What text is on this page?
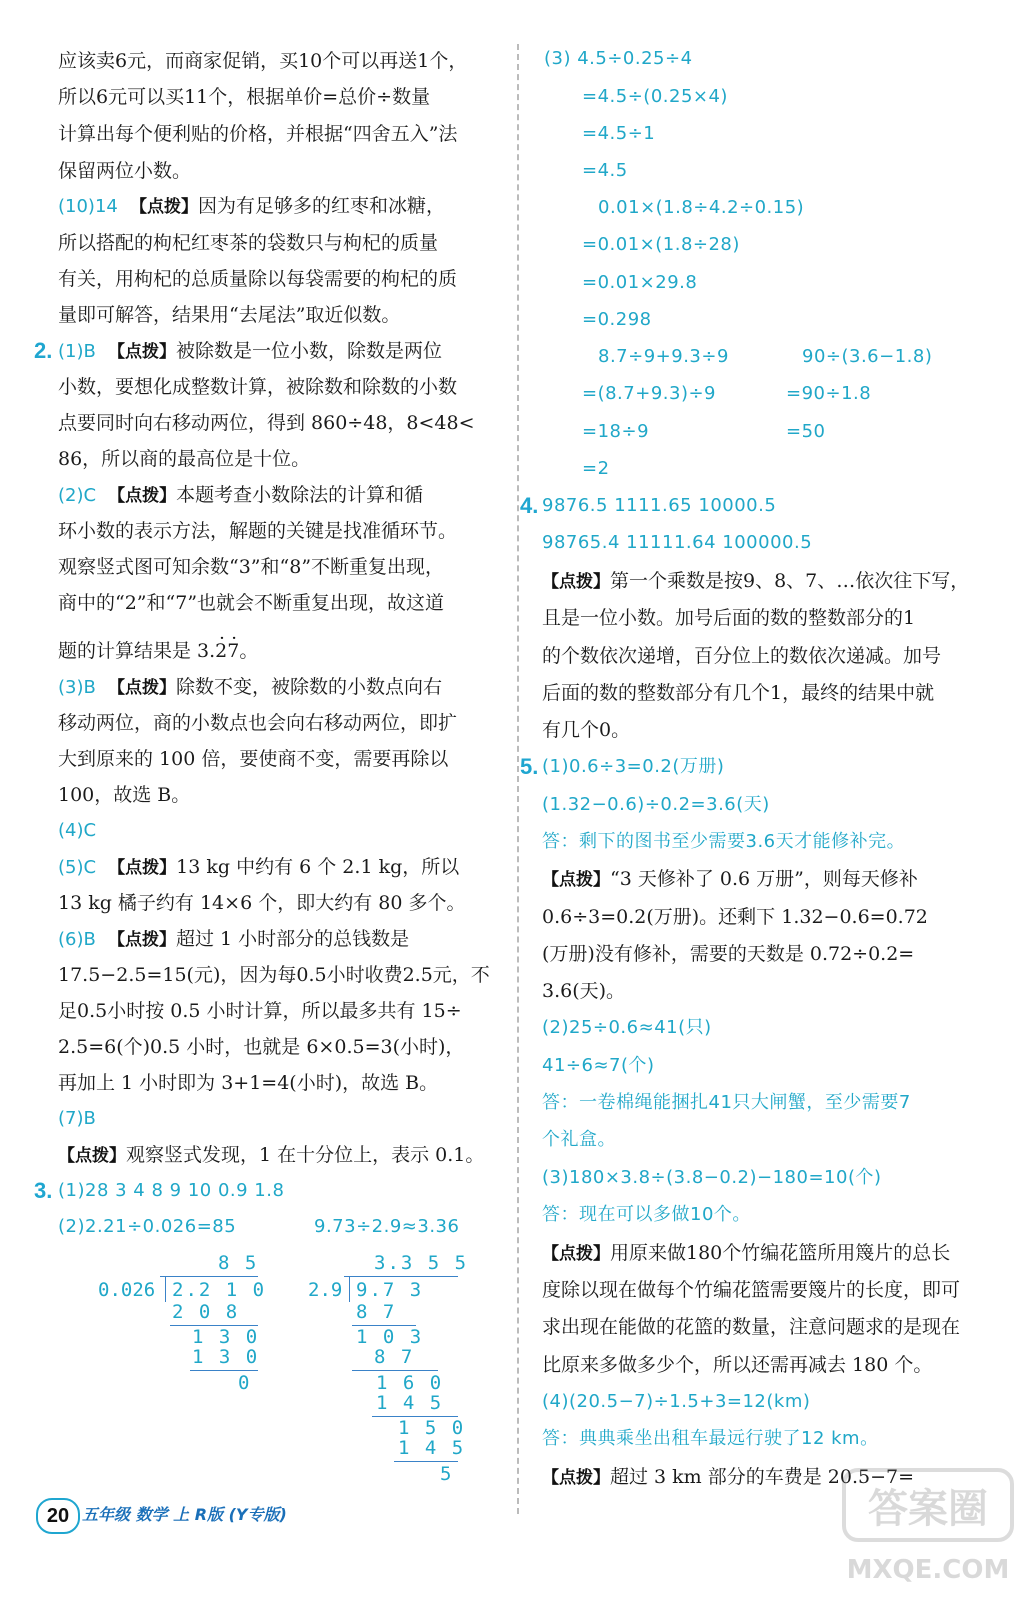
应该卖6元，而商家促销，买10个可以再送1个，
所以6元可以买11个，根据单价=总价÷数量
计算出每个便利贴的价格，并根据“四舍五入”法
保留两位小数。
(10)14 【点拨】因为有足够多的红枣和冰糖，
所以搭配的枸杞红枣茶的袋数只与枸杞的质量
有关，用枸杞的总质量除以每袋需要的枸杞的质
量即可解答，结果用“去尾法”取近似数。
2. (1)B 【点拨】被除数是一位小数，除数是两位
小数，要想化成整数计算，被除数和除数的小数
点要同时向右移动两位，得到 860÷48，8<48<
86，所以商的最高位是十位。
(2)C 【点拨】本题考查小数除法的计算和循
环小数的表示方法，解题的关键是找准循环节。
观察竖式图可知余数“3”和“8”不断重复出现，
商中的“2”和“7”也就会不断重复出现，故这道
题的计算结果是 3.· 2· 7。
(3)B 【点拨】除数不变，被除数的小数点向右
移动两位，商的小数点也会向右移动两位，即扩
大到原来的 100 倍，要使商不变，需要再除以
100，故选 B。
(4)C
(5)C 【点拨】13 kg 中约有 6 个 2.1 kg，所以
13 kg 橘子约有 14×6 个，即大约有 80 多个。
(6)B 【点拨】超过 1 小时部分的总钱数是
17.5−2.5=15(元)，因为每0.5小时收费2.5元，不
足0.5小时按 0.5 小时计算，所以最多共有 15÷
2.5=6(个)0.5 小时，也就是 6×0.5=3(小时)，
再加上 1 小时即为 3+1=4(小时)，故选 B。
(7)B
【点拨】观察竖式发现，1 在十分位上，表示 0.1。
3. (1)28 3 4 8 9 10 0.9 1.8
(2)2.21÷0.026=85	9.73÷2.9≈3.36
8 5
0.026 2.2 1 0
2 0 8
1 3 0
1 3 0
0
3.3 5 5
2.9 9.7 3
8 7
1 0 3
8 7
1 6 0
1 4 5
1 5 0
1 4 5
5
(3) 4.5÷0.25÷4
=4.5÷(0.25×4)
=4.5÷1
=4.5
0.01×(1.8÷4.2÷0.15)
=0.01×(1.8÷28)
=0.01×29.8
=0.298
8.7÷9+9.3÷9	90÷(3.6−1.8)
=(8.7+9.3)÷9	=90÷1.8
=18÷9	=50
=2
4. 9876.5 1111.65 10000.5
98765.4 11111.64 100000.5
【点拨】第一个乘数是按9、8、7、…依次往下写，
且是一位小数。加号后面的数的整数部分的1
的个数依次递增，百分位上的数依次递减。加号
后面的数的整数部分有几个1，最终的结果中就
有几个0。
5. (1)0.6÷3=0.2(万册)
(1.32−0.6)÷0.2=3.6(天)
答：剩下的图书至少需要3.6天才能修补完。
【点拨】“3 天修补了 0.6 万册”，则每天修补
0.6÷3=0.2(万册)。还剩下 1.32−0.6=0.72
(万册)没有修补，需要的天数是 0.72÷0.2=
3.6(天)。
(2)25÷0.6≈41(只)
41÷6≈7(个)
答：一卷棉绳能捆扎41只大闸蟹，至少需要7
个礼盒。
(3)180×3.8÷(3.8−0.2)−180=10(个)
答：现在可以多做10个。
【点拨】用原来做180个竹编花篮所用篾片的总长
度除以现在做每个竹编花篮需要篾片的长度，即可
求出现在能做的花篮的数量，注意问题求的是现在
比原来多做多少个，所以还需再减去 180 个。
(4)(20.5−7)÷1.5+3=12(km)
答：典典乘坐出租车最远行驶了12 km。
【点拨】超过 3 km 部分的车费是 20.5−7=
20 五年级 数学 上 R版 (Y专版)	答案圈
MXQE.COM
